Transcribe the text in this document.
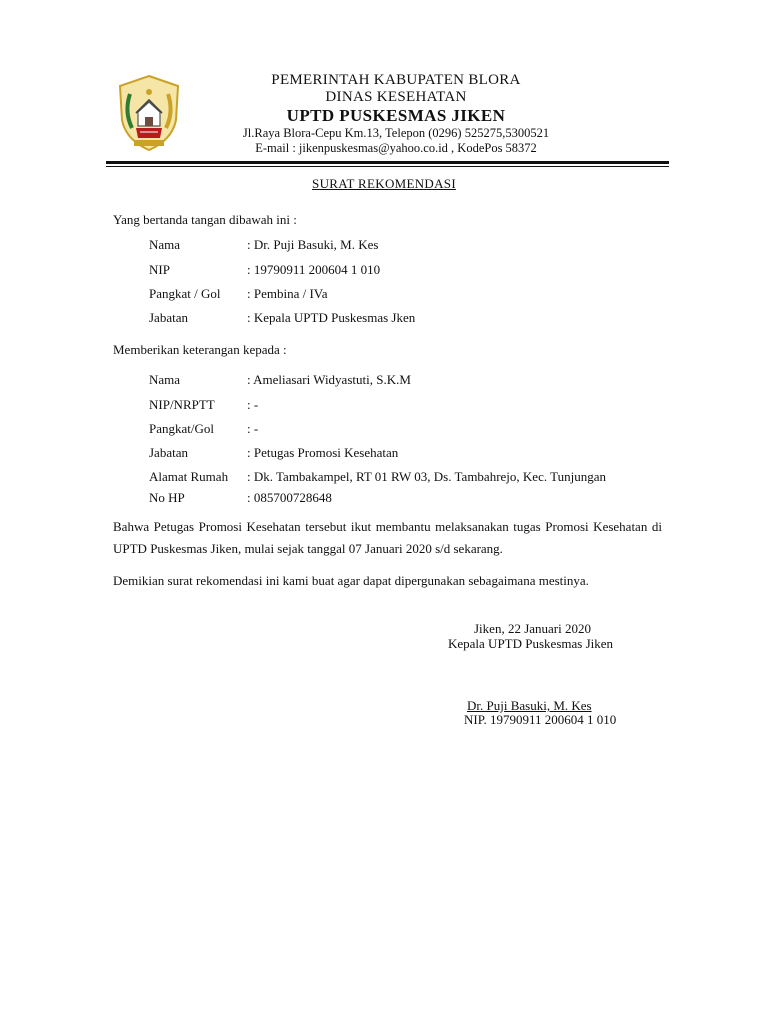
PEMERINTAH KABUPATEN BLORA
DINAS KESEHATAN
UPTD PUSKESMAS JIKEN
Jl.Raya Blora-Cepu Km.13, Telepon (0296) 525275,5300521
E-mail : jikenpuskesmas@yahoo.co.id , KodePos 58372
SURAT REKOMENDASI
Yang bertanda tangan dibawah ini :
Nama	: Dr. Puji Basuki, M. Kes
NIP	: 19790911 200604 1 010
Pangkat / Gol : Pembina / IVa
Jabatan	: Kepala UPTD Puskesmas Jken
Memberikan keterangan kepada :
Nama	: Ameliasari Widyastuti, S.K.M
NIP/NRPTT : -
Pangkat/Gol	: -
Jabatan	: Petugas Promosi Kesehatan
Alamat Rumah : Dk. Tambakampel, RT 01 RW 03, Ds. Tambahrejo, Kec. Tunjungan
No HP	: 085700728648
Bahwa Petugas Promosi Kesehatan tersebut ikut membantu melaksanakan tugas Promosi Kesehatan di UPTD Puskesmas Jiken, mulai sejak tanggal 07 Januari 2020 s/d sekarang.
Demikian surat rekomendasi ini kami buat agar dapat dipergunakan sebagaimana mestinya.
Jiken, 22 Januari 2020
Kepala UPTD Puskesmas Jiken
Dr. Puji Basuki, M. Kes
NIP. 19790911 200604 1 010
